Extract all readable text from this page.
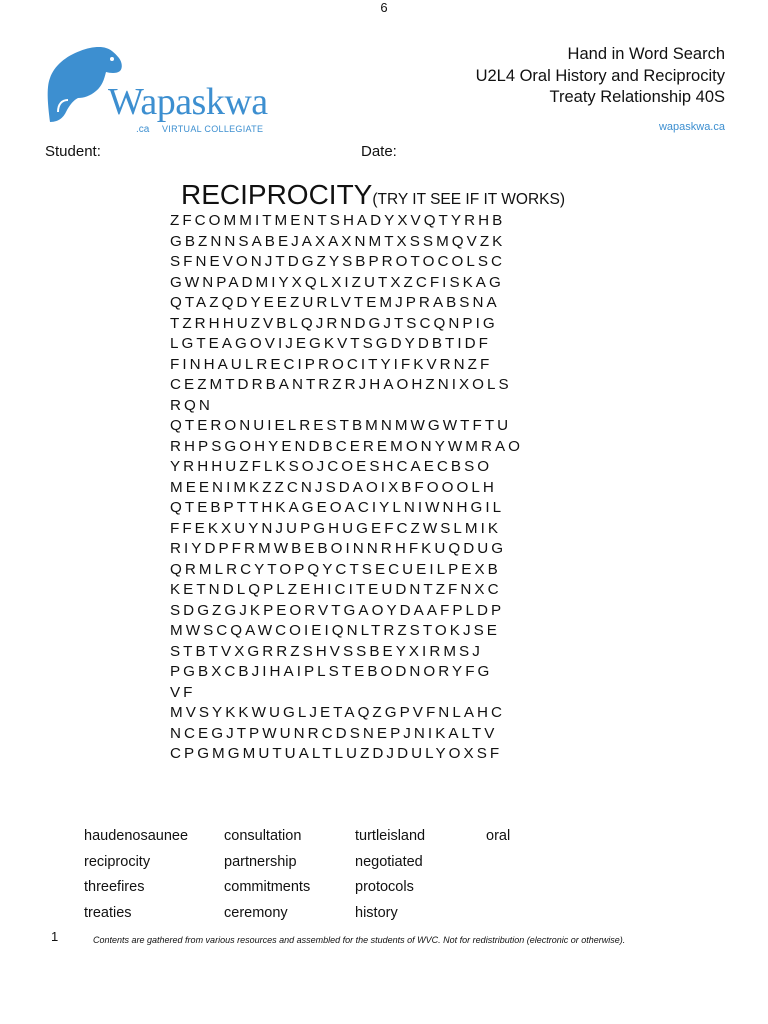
6
Wapaskwa
.ca VIRTUAL COLLEGIATE
Hand in Word Search
U2L4 Oral History and Reciprocity
Treaty Relationship 40S
wapaskwa.ca
Student:	Date:
RECIPROCITY(TRY IT SEE IF IT WORKS)
ZFCOMMITMENTSHADYXVQTYRHB
GBZNNSABEJAXAXNMTXSSMQVZK
SFNEVONJTDGZYSBPROTOCOLSC
GWNPADMIYXQLXIZUTXZCFISKAG
QTAZQDYEEZURLVTEMJPRABSNA
TZRHHUZVBLQJRNDGJTSCQNPIG
LGTEAGOVIJEGKVTSGDYDBTIDF
FINHAULRECIPROCITYIFKVRNZF
CEZMTDRBANTRZRJHAOHZNIXOLS
RQN
QTERONUIELRESTBMNMWGWTFTU
RHPSGOHYENDBCEREMONYWMRAO
YRHHUZFLKSOJCOESHCAECBSO
MEENIMKZZCNJSDAOIXBFOOOLH
QTEBPTTHKAGEOACIYLNIWNHGIL
FFEKXUYNJUPGHUGEFCZWSLMIK
RIYDPFRMWBEBOINNRHFKUQDUG
QRMLRCYTOPQYCTSECUEILPEXB
KETNDLQPLZEHICITEUDNTZFNXC
SDGZGJKPEORVTGAOYDAAFPLDP
MWSCQAWCOIEIQNLTRZSTOKJSE
STBTVXGRRZSHVSSBEYXIRMSJ
PGBXCBJIHAIPLSTEBODNORYFG
VF
MVSYKKWUGLJETAQZGPVFNLAHC
NCEGJTPWUNRCDSNEPJNIKALTV
CPGMGMUTUALTLUZDJDULYOXSF
haudenosaunee
reciprocity
threefires
treaties
consultation
partnership
commitments
ceremony
turtleisland
negotiated
protocols
history
oral
1	Contents are gathered from various resources and assembled for the students of WVC. Not for redistribution (electronic or otherwise).
